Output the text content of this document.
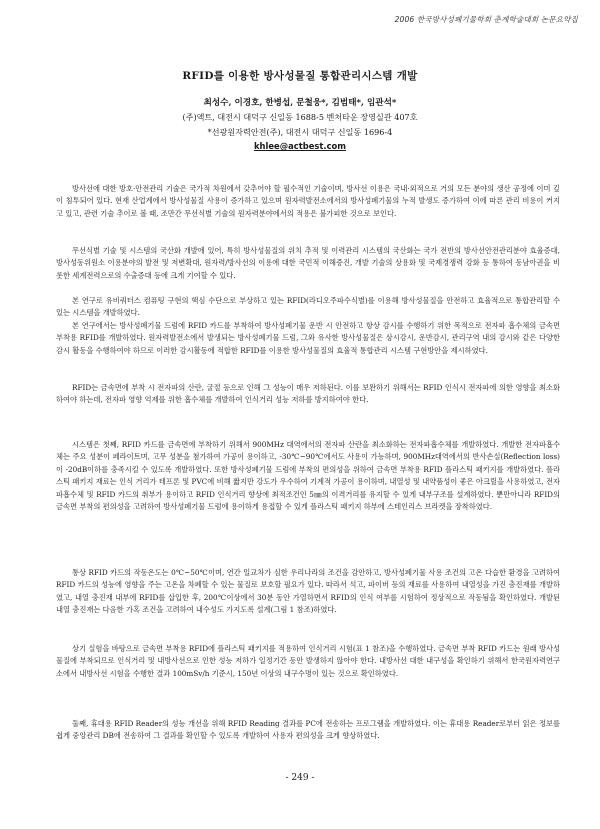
2006 한국방사성폐기물학회 춘계학술대회 논문요약집
RFID를 이용한 방사성물질 통합관리시스템 개발
최성수, 이경호, 한병섭, 문철웅*, 김범태*, 임관석*
(주)액트, 대전시 대덕구 신일동 1688-5 벤처타운 장영실관 407호
*선광원자력안전(주), 대전시 대덕구 신일동 1696-4
khlee@actbest.com

방사선에 대한 방호·안전관리 기술은 국가적 차원에서 갖추어야 할 필수적인 기술이며, 방사선 이용은 국내·외적으로 거의 모든 분야의 생산 공정에 이미 깊이 침투되어 있다. 현재 산업계에서 방사성물질 사용이 증가하고 있으며 원자력발전소에서의 방사성폐기물의 누적 발생도 증가하여 이에 따른 관리 비용이 커지고 있고, 관련 기술 추이로 볼 때, 조만간 무선식별 기술의 원자력분야에서의 적용은 불가피한 것으로 보인다.

무선식별 기술 및 시스템의 국산화 개발에 있어, 특히 방사성물질의 위치 추적 및 이력관리 시스템의 국산화는 국가 전반의 방사선안전관리분야 효율증대, 방사성동위원소 이용분야의 발전 및 저변확대, 원자력/방사선의 이용에 대한 국민적 이해증진, 개발 기술의 상용화 및 국제경쟁력 강화 등 통하여 동남아권을 비롯한 세계전력으로의 수출증대 등에 크게 기여할 수 있다.

본 연구로 유비쿼터스 컴퓨팅 구현의 핵심 수단으로 부상하고 있는 RFID(라디오주파수식별)를 이용해 방사성물질을 안전하고 효율적으로 통합관리할 수 있는 시스템을 개발하였다.

본 연구에서는 방사성폐기물 드럼에 RFID 카드를 부착하여 방사성폐기물 운반 시 안전하고 항상 감시를 수행하기 위한 목적으로 전자파 흡수체의 금속면 부착용 RFID를 개발하였다. 원자력발전소에서 발생되는 방사성폐기물 드럼, 그와 유사한 방사성물질은 상시감시, 운반감시, 관리구역 내의 감시와 같은 다양한 감시 활동을 수행하여야 하므로 이러한 감시활동에 적합한 RFID를 이용한 방사성물질의 효율적 통합관리 시스템 구현방안을 제시하였다.

RFID는 금속면에 부착 시 전자파의 산란, 굴절 등으로 인해 그 성능이 매우 저하된다. 이를 보완하기 위해서는 RFID 인식시 전자파에 의한 영향을 최소화하여야 하는데, 전자파 영향 억제를 위한 흡수체를 개발하여 인식거리 성능 저하를 방지하여야 한다.

시스템은 첫째, RFID 카드를 금속면에 부착하기 위해서 900MHz 대역에서의 전자파 산란을 최소화하는 전자파흡수체를 개발하였다. 개발한 전자파흡수체는 주요 성분이 페라이트며, 고무 성분을 첨가하여 가공이 용이하고, -30℃~90℃에서도 사용이 가능하며, 900MHz대역에서의 반사손실(Reflection loss)이 -20dB이하를 충족시킬 수 있도록 개발하였다. 또한 방사성폐기물 드럼에 부착의 편의성을 위하여 금속면 부착용 RFID 플라스틱 패키지를 개발하였다. 플라스틱 패키지 재료는 인식 거리가 테프론 및 PVC에 비해 짧지만 강도가 우수하여 기계적 가공이 용이하며, 내열성 및 내약품성이 좋은 아크릴을 사용하였고, 전자파흡수체 및 RFID 카드의 취부가 용이하고 RFID 인식거리 향상에 최적조건인 5㎜의 이격거리를 유지할 수 있게 내부구조를 설계하였다. 뿐만아니라 RFID의 금속면 부착의 편의성을 고려하여 방사성폐기물 드럼에 용이하게 용접할 수 있게 플라스틱 패키지 하부에 스테인리스 브라켓을 장착하였다.

통상 RFID 카드의 작동온도는 0℃~50℃이며, 연간 일교차가 심한 우리나라의 조건을 감안하고, 방사성폐기물 사용 조건의 고온 다습한 환경을 고려하여 RFID 카드의 성능에 영향을 주는 고온을 차폐할 수 있는 물질로 보호할 필요가 있다. 따라서 석고, 파이버 등의 재료를 사용하여 내열성을 가진 충진재를 개발하였고, 내열 충진재 내부에 RFID를 삽입한 후, 200℃이상에서 30분 동안 가열하면서 RFID의 인식 여부를 시험하여 정상적으로 작동됨을 확인하였다. 개발된 내열 충진재는 다음한 가혹 조건을 고려하여 내수성도 가지도록 설계(그림 1 참조)하였다.

상기 실험을 바탕으로 금속면 부착용 RFID에 플라스틱 패키지를 적용하여 인식거리 시험(표 1 참조)을 수행하였다. 금속면 부착 RFID 카드는 원래 방사성물질에 부착되므로 인식거리 및 내방사선으로 인한 성능 저하가 일정기간 동안 발생하지 않아야 한다. 내방사선 대한 내구성을 확인하기 위해서 한국원자력연구소에서 내방사선 시험을 수행한 결과 100mSv/h 기준시, 150년 이상의 내구수명이 있는 것으로 확인하였다.

둘째, 휴대용 RFID Reader의 성능 개선을 위해 RFID Reading 결과를 PC에 전송하는 프로그램을 개발하였다. 이는 휴대용 Reader로부터 읽은 정보를 쉽게 중앙관리 DB에 전송하여 그 결과를 확인할 수 있도록 개발하여 사용자 편의성을 크게 향상하였다.

- 249 -
